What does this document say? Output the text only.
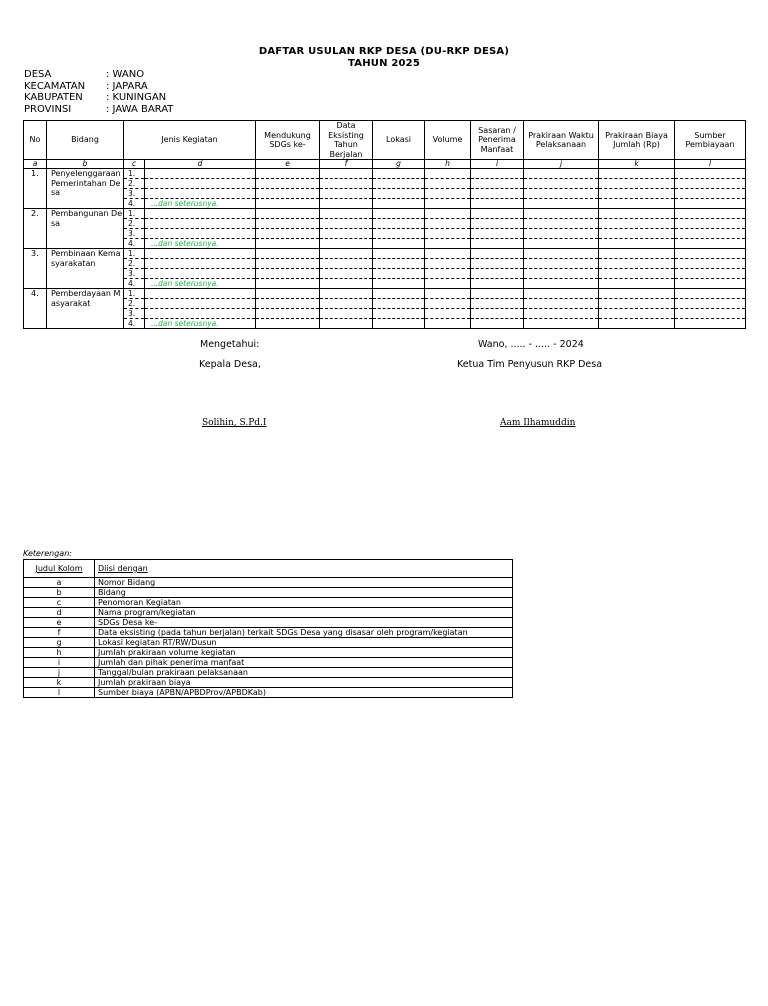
DAFTAR USULAN RKP DESA (DU-RKP DESA)
TAHUN 2025
DESA	: WANO
KECAMATAN	: JAPARA
KABUPATEN	: KUNINGAN
PROVINSI	: JAWA BARAT
No	Bidang	Jenis Kegiatan		Mendukung SDGs ke-	Data Eksisting Tahun Berjalan	Lokasi	Volume	Sasaran / Penerima Manfaat	Prakiraan Waktu Pelaksanaan	Prakiraan Biaya Jumlah (Rp)	Sumber Pembiayaan
a	b	c	d	e	f	g	h	i	j	k	l
1.	Penyelenggaraan Pemerintahan Desa	1.									
		2.									
		3.									
		4.	...dan seterusnya.								
2.	Pembangunan Desa	1.									
		2.									
		3.									
		4.	...dan seterusnya.								
3.	Pembinaan Kemasyarakatan	1.									
		2.									
		3.									
		4.	...dan seterusnya.								
4.	Pemberdayaan Masyarakat	1.									
		2.									
		3.									
		4.	...dan seterusnya.								
Mengetahui:	Wano, ..... - ..... - 2024
Kepala Desa,	Ketua Tim Penyusun RKP Desa
Solihin, S.Pd.I	Aam Ilhamuddin
Keterengan:
Judul Kolom	Diisi dengan
a	Nomor Bidang
b	Bidang
c	Penomoran Kegiatan
d	Nama program/kegiatan
e	SDGs Desa ke-
f	Data eksisting (pada tahun berjalan) terkait SDGs Desa yang disasar oleh program/kegiatan
g	Lokasi kegiatan RT/RW/Dusun
h	Jumlah prakiraan volume kegiatan
i	Jumlah dan pihak penerima manfaat
j	Tanggal/bulan prakiraan pelaksanaan
k	Jumlah prakiraan biaya
l	Sumber biaya (APBN/APBDProv/APBDKab)
